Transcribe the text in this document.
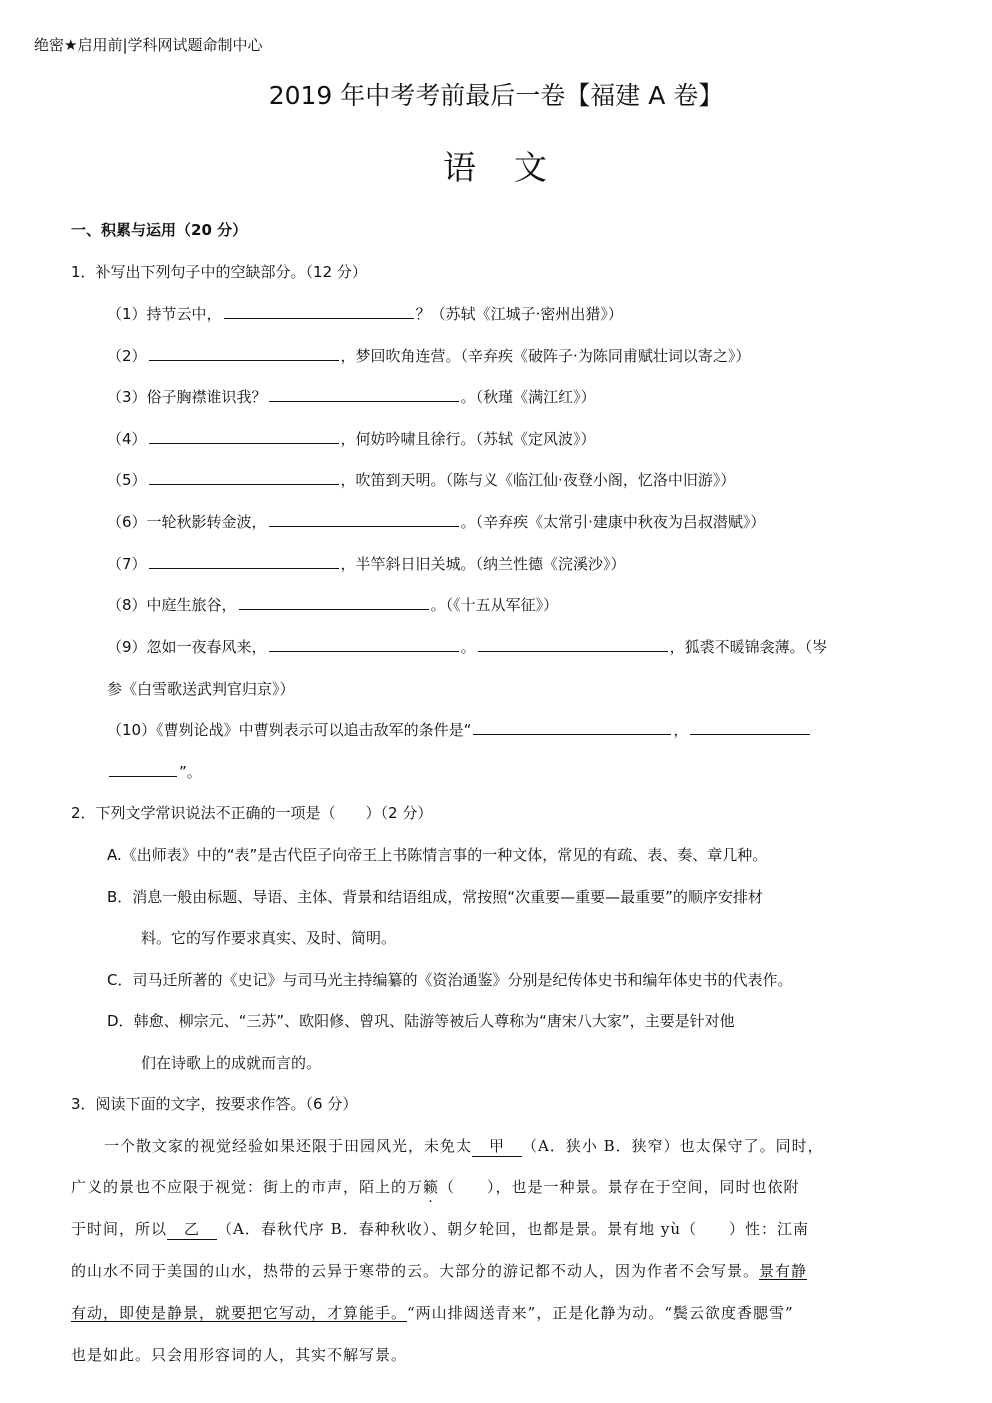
绝密★启用前|学科网试题命制中心
2019 年中考考前最后一卷【福建 A 卷】
语 文
一、积累与运用（20 分）
1．补写出下列句子中的空缺部分。（12 分）
（1）持节云中，	？（苏轼《江城子·密州出猎》）
（2）	，梦回吹角连营。（辛弃疾《破阵子·为陈同甫赋壮词以寄之》）
（3）俗子胸襟谁识我？	。（秋瑾《满江红》）
（4）	，何妨吟啸且徐行。（苏轼《定风波》）
（5）	，吹笛到天明。（陈与义《临江仙·夜登小阁，忆洛中旧游》）
（6）一轮秋影转金波，	。（辛弃疾《太常引·建康中秋夜为吕叔潜赋》）
（7）	，半竿斜日旧关城。（纳兰性德《浣溪沙》）
（8）中庭生旅谷，	。（《十五从军征》）
（9）忽如一夜春风来，	。	，狐裘不暖锦衾薄。（岑
参《白雪歌送武判官归京》）
（10）《曹刿论战》中曹刿表示可以追击敌军的条件是“	，
”。
2．下列文学常识说法不正确的一项是（　　）（2 分）
A.《出师表》中的“表”是古代臣子向帝王上书陈情言事的一种文体，常见的有疏、表、奏、章几种。
B．消息一般由标题、导语、主体、背景和结语组成，常按照“次重要—重要—最重要”的顺序安排材
料。它的写作要求真实、及时、简明。
C．司马迁所著的《史记》与司马光主持编纂的《资治通鉴》分别是纪传体史书和编年体史书的代表作。
D．韩愈、柳宗元、“三苏”、欧阳修、曾巩、陆游等被后人尊称为“唐宋八大家”，主要是针对他
们在诗歌上的成就而言的。
3．阅读下面的文字，按要求作答。（6 分）
一个散文家的视觉经验如果还限于田园风光，未免太 甲 （A．狭小 B．狭窄）也太保守了。同时，
广义的景也不应限于视觉：街上的市声，陌上的万籁（　　），也是一种景。景存在于空间，同时也依附
于时间，所以 乙 （A．春秋代序 B．春种秋收）、朝夕轮回，也都是景。景有地 yù（　　）性：江南
的山水不同于美国的山水，热带的云异于寒带的云。大部分的游记都不动人，因为作者不会写景。景有静
有动，即使是静景，就要把它写动，才算能手。“两山排闼送青来”，正是化静为动。“鬓云欲度香腮雪”
也是如此。只会用形容词的人，其实不解写景。
